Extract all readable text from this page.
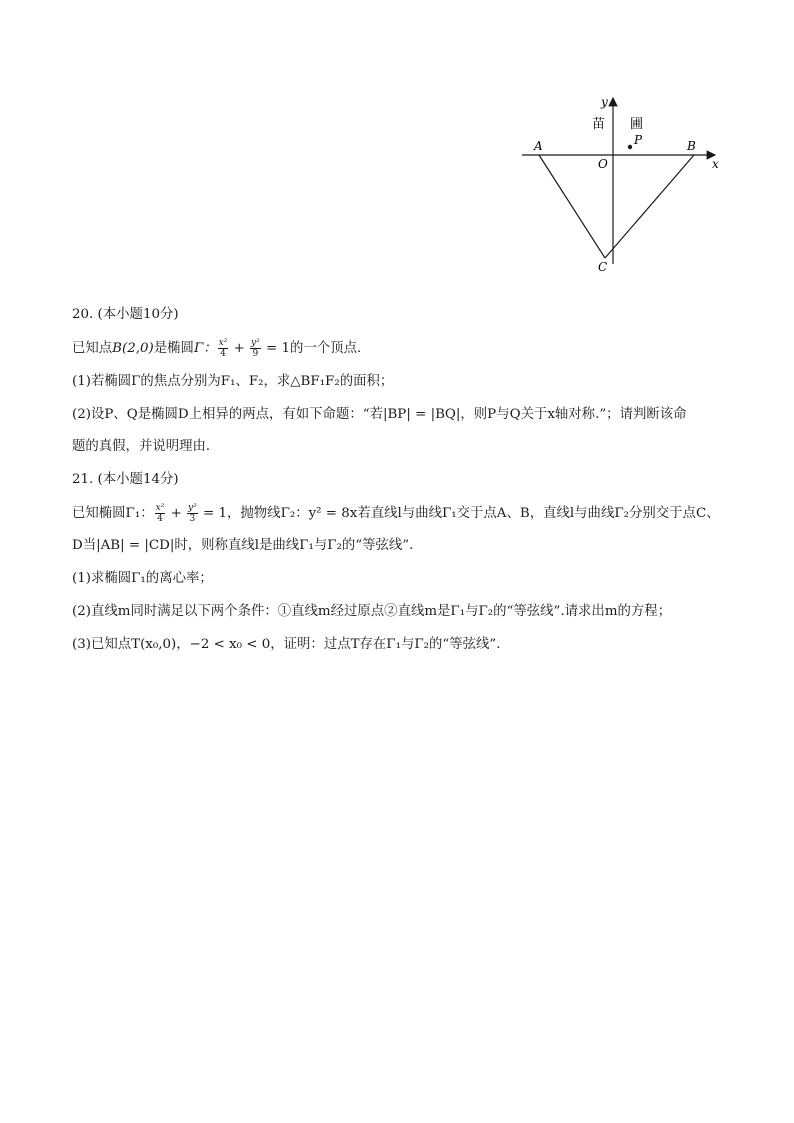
y
x
O
A	B
C
P
苗 圃
20. (本小题10分)
已知点B(2,0)是椭圆Γ： $\frac{\text{x²}}{4} + \frac{\text{y²}}{9} = 1$的一个顶点．
(1)若椭圆Γ的焦点分别为F₁、F₂，求△BF₁F₂的面积；
(2)设P、Q是椭圆D上相异的两点，有如下命题：“若|BP| = |BQ|，则P与Q关于x轴对称.”；请判断该命
题的真假，并说明理由．
21. (本小题14分)
已知椭圆Γ₁： $\frac{\text{x²}}{4} + \frac{\text{y²}}{3} = 1$，抛物线Γ₂：y² = 8x若直线l与曲线Γ₁交于点A、B，直线l与曲线Γ₂分别交于点C、
D当|AB| = |CD|时，则称直线l是曲线Γ₁与Γ₂的“等弦线”．
(1)求椭圆Γ₁的离心率；
(2)直线m同时满足以下两个条件：①直线m经过原点②直线m是Γ₁与Γ₂的“等弦线”.请求出m的方程；
(3)已知点T(x₀,0)，−2 < x₀ < 0，证明：过点T存在Γ₁与Γ₂的“等弦线”．
